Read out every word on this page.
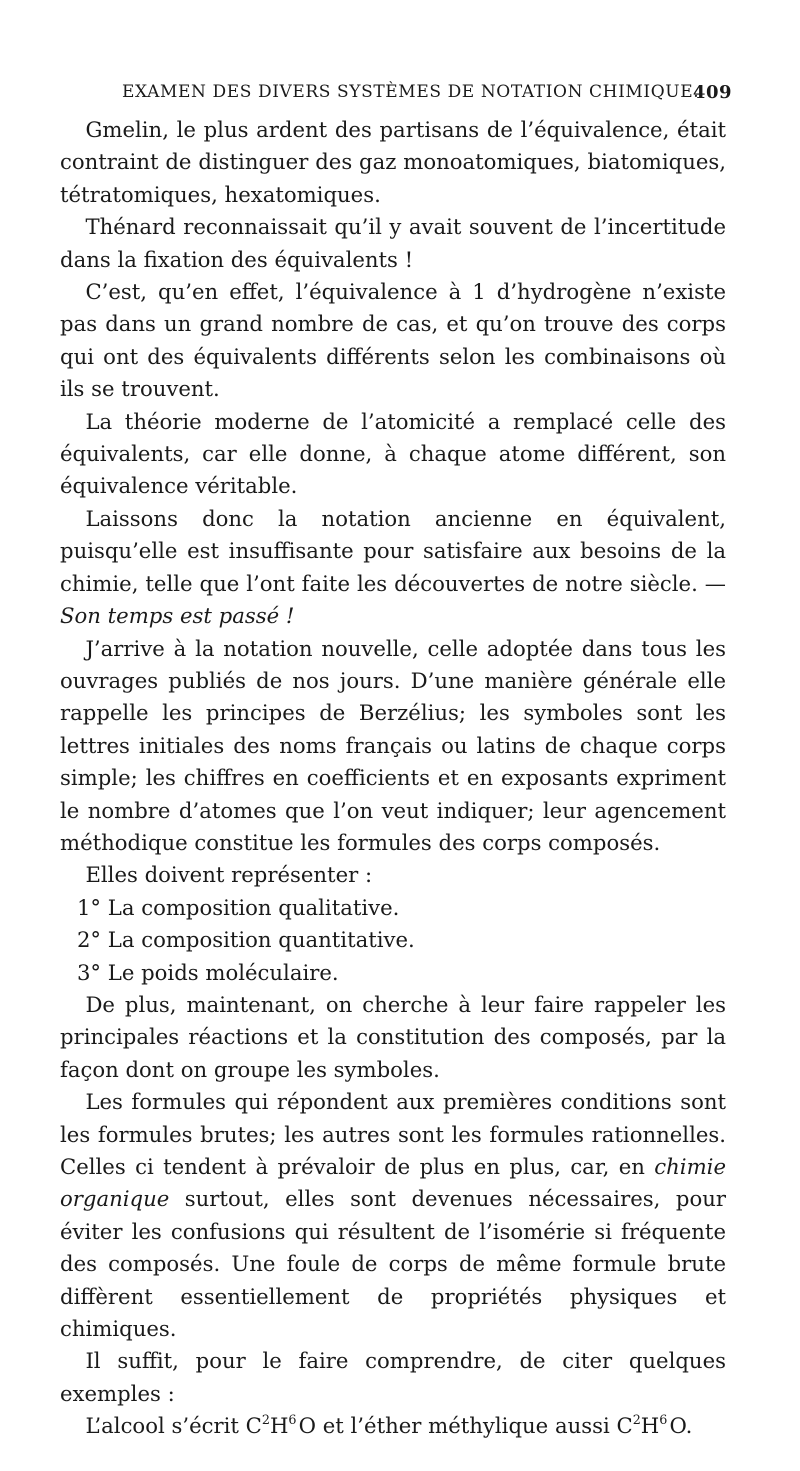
EXAMEN DES DIVERS SYSTÈMES DE NOTATION CHIMIQUE.
409

Gmelin, le plus ardent des partisans de l’équivalence, était contraint de distinguer des gaz monoatomiques, biatomiques, tétratomiques, hexatomiques.

Thénard reconnaissait qu’il y avait souvent de l’incertitude dans la fixation des équivalents !

C’est, qu’en effet, l’équivalence à 1 d’hydrogène n’existe pas dans un grand nombre de cas, et qu’on trouve des corps qui ont des équivalents différents selon les combinaisons où ils se trouvent.

La théorie moderne de l’atomicité a remplacé celle des équivalents, car elle donne, à chaque atome différent, son équivalence véritable.

Laissons donc la notation ancienne en équivalent, puisqu’elle est insuffisante pour satisfaire aux besoins de la chimie, telle que l’ont faite les découvertes de notre siècle. — Son temps est passé !

J’arrive à la notation nouvelle, celle adoptée dans tous les ouvrages publiés de nos jours. D’une manière générale elle rappelle les principes de Berzélius; les symboles sont les lettres initiales des noms français ou latins de chaque corps simple; les chiffres en coefficients et en exposants expriment le nombre d’atomes que l’on veut indiquer; leur agencement méthodique constitue les formules des corps composés.

Elles doivent représenter :

1° La composition qualitative.

2° La composition quantitative.

3° Le poids moléculaire.

De plus, maintenant, on cherche à leur faire rappeler les principales réactions et la constitution des composés, par la façon dont on groupe les symboles.

Les formules qui répondent aux premières conditions sont les formules brutes; les autres sont les formules rationnelles. Celles ci tendent à prévaloir de plus en plus, car, en chimie organique surtout, elles sont devenues nécessaires, pour éviter les confusions qui résultent de l’isomérie si fréquente des composés. Une foule de corps de même formule brute diffèrent essentiellement de propriétés physiques et chimiques.

Il suffit, pour le faire comprendre, de citer quelques exemples :

L’alcool s’écrit $C^2H^6$  O et l’éther méthylique aussi $C^2H^6$  O.
